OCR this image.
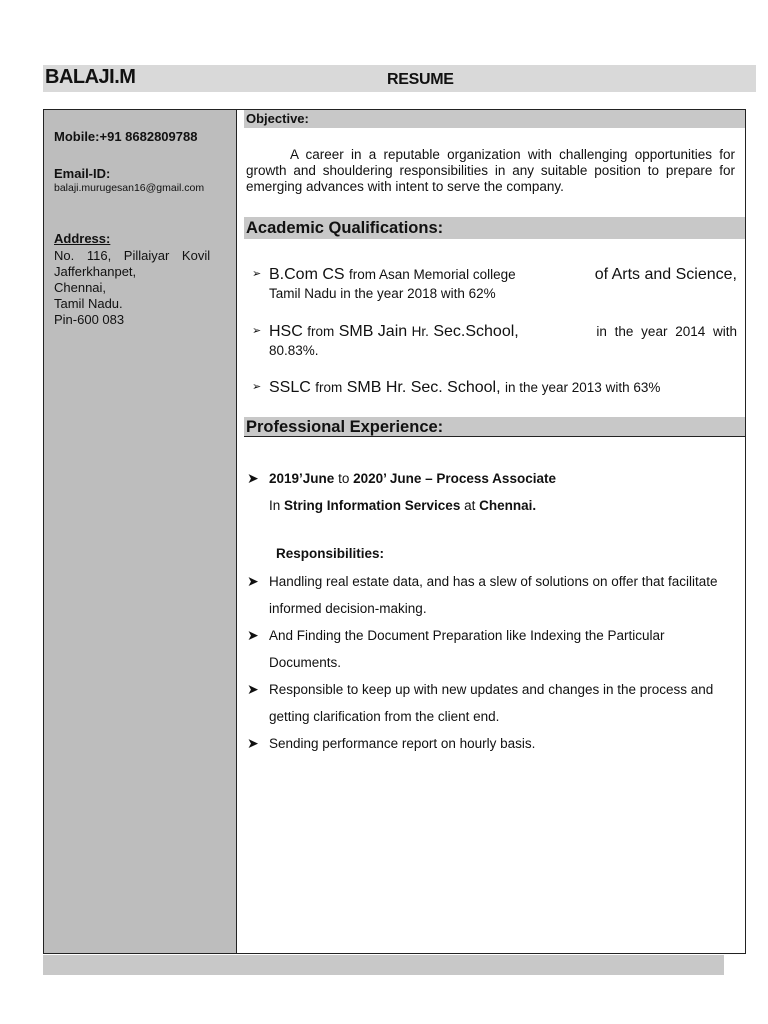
BALAJI.M	RESUME
Mobile:+91 8682809788
Email-ID:
balaji.murugesan16@gmail.com
Address:
No. 116, Pillaiyar Kovil
Jafferkhanpet,
Chennai,
Tamil Nadu.
Pin-600 083
Objective:
A career in a reputable organization with challenging opportunities for growth and shouldering responsibilities in any suitable position to prepare for emerging advances with intent to serve the company.
Academic Qualifications:
➢ B.Com CS from Asan Memorial college	of Arts and Science,
Tamil Nadu in the year 2018 with 62%
➢ HSC from SMB Jain Hr. Sec.School,	in the year 2014 with
80.83%.
➢ SSLC from SMB Hr. Sec. School, in the year 2013 with 63%
Professional Experience:
➤ 2019’June to 2020’ June – Process Associate
In String Information Services at Chennai.
Responsibilities:
➤ Handling real estate data, and has a slew of solutions on offer that facilitate informed decision-making.
➤ And Finding the Document Preparation like Indexing the Particular Documents.
➤ Responsible to keep up with new updates and changes in the process and getting clarification from the client end.
➤ Sending performance report on hourly basis.
